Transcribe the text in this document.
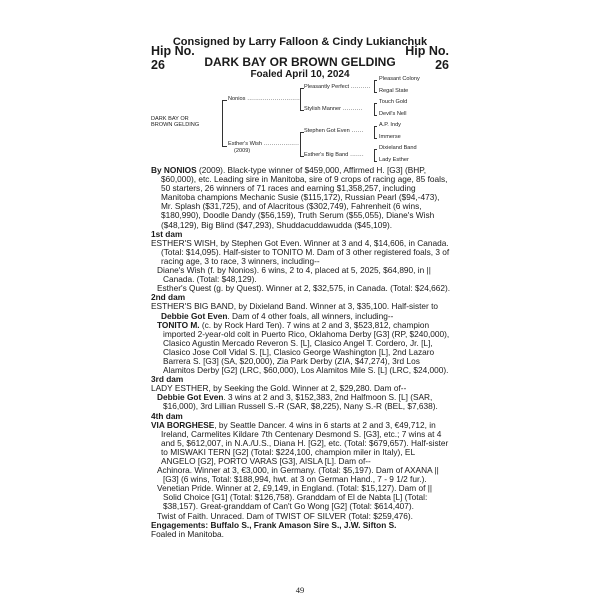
Consigned by Larry Falloon & Cindy Lukianchuk
Hip No.
26
Hip No.
26
DARK BAY OR BROWN GELDING
Foaled April 10, 2024
DARK BAY OR
BROWN GELDING
Nonios ...........................
Esther's Wish ..................
(2009)
Pleasantly Perfect ..........
Stylish Manner ..........
Stephen Got Even ......
Esther's Big Band .......
Pleasant Colony
Regal State
Touch Gold
Devil's Nell
A.P. Indy
Immerse
Dixieland Band
Lady Esther

By NONIOS (2009). Black-type winner of $459,000, Affirmed H. [G3] (BHP, $60,000), etc. Leading sire in Manitoba, sire of 9 crops of racing age, 85 foals, 50 starters, 26 winners of 71 races and earning $1,358,257, including Manitoba champions Mechanic Susie ($115,172), Russian Pearl ($94,-473), Mr. Splash ($31,725), and of Alacritous ($302,749), Fahrenheit (6 wins, $180,990), Doodle Dandy ($56,159), Truth Serum ($55,055), Diane's Wish ($48,129), Big Blind ($47,293), Shuddacuddawudda ($45,109).

1st dam

ESTHER'S WISH, by Stephen Got Even. Winner at 3 and 4, $14,606, in Canada. (Total: $14,095). Half-sister to TONITO M. Dam of 3 other registered foals, 3 of racing age, 3 to race, 3 winners, including--

Diane's Wish (f. by Nonios). 6 wins, 2 to 4, placed at 5, 2025, $64,890, in || Canada. (Total: $48,129).

Esther's Quest (g. by Quest). Winner at 2, $32,575, in Canada. (Total: $24,662).

2nd dam

ESTHER'S BIG BAND, by Dixieland Band. Winner at 3, $35,100. Half-sister to Debbie Got Even. Dam of 4 other foals, all winners, including--

TONITO M. (c. by Rock Hard Ten). 7 wins at 2 and 3, $523,812, champion imported 2-year-old colt in Puerto Rico, Oklahoma Derby [G3] (RP, $240,000), Clasico Agustin Mercado Reveron S. [L], Clasico Angel T. Cordero, Jr. [L], Clasico Jose Coll Vidal S. [L], Clasico George Washington [L], 2nd Lazaro Barrera S. [G3] (SA, $20,000), Zia Park Derby (ZIA, $47,274), 3rd Los Alamitos Derby [G2] (LRC, $60,000), Los Alamitos Mile S. [L] (LRC, $24,000).

3rd dam

LADY ESTHER, by Seeking the Gold. Winner at 2, $29,280. Dam of--

Debbie Got Even. 3 wins at 2 and 3, $152,383, 2nd Halfmoon S. [L] (SAR, $16,000), 3rd Lillian Russell S.-R (SAR, $8,225), Nany S.-R (BEL, $7,638).

4th dam

VIA BORGHESE, by Seattle Dancer. 4 wins in 6 starts at 2 and 3, €49,712, in Ireland, Carmelites Kildare 7th Centenary Desmond S. [G3], etc.; 7 wins at 4 and 5, $612,007, in N.A./U.S., Diana H. [G2], etc. (Total: $679,657). Half-sister to MISWAKI TERN [G2] (Total: $224,100, champion miler in Italy), EL ANGELO [G2], PORTO VARAS [G3], AISLA [L]. Dam of--

Achinora. Winner at 3, €3,000, in Germany. (Total: $5,197). Dam of AXANA || [G3] (6 wins, Total: $188,994, hwt. at 3 on German Hand., 7 - 9 1/2 fur.).

Venetian Pride. Winner at 2, £9,149, in England. (Total: $15,127). Dam of || Solid Choice [G1] (Total: $126,758). Granddam of El de Nabta [L] (Total: $38,157). Great-granddam of Can't Go Wong [G2] (Total: $614,407).

Twist of Faith. Unraced. Dam of TWIST OF SILVER (Total: $259,476).

Engagements: Buffalo S., Frank Amason Sire S., J.W. Sifton S.

Foaled in Manitoba.

49
